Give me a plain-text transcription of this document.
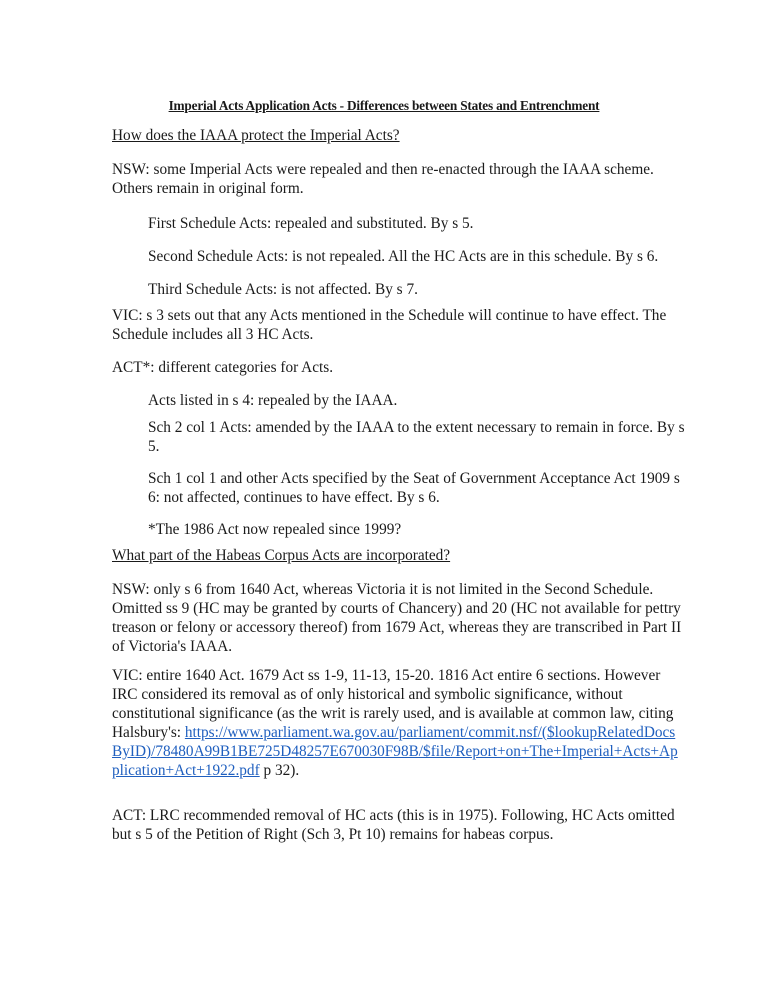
Imperial Acts Application Acts - Differences between States and Entrenchment
How does the IAAA protect the Imperial Acts?
NSW: some Imperial Acts were repealed and then re-enacted through the IAAA scheme. Others remain in original form.
First Schedule Acts: repealed and substituted. By s 5.
Second Schedule Acts: is not repealed. All the HC Acts are in this schedule. By s 6.
Third Schedule Acts: is not affected. By s 7.
VIC: s 3 sets out that any Acts mentioned in the Schedule will continue to have effect. The Schedule includes all 3 HC Acts.
ACT*: different categories for Acts.
Acts listed in s 4: repealed by the IAAA.
Sch 2 col 1 Acts: amended by the IAAA to the extent necessary to remain in force. By s 5.
Sch 1 col 1 and other Acts specified by the Seat of Government Acceptance Act 1909 s 6: not affected, continues to have effect. By s 6.
*The 1986 Act now repealed since 1999?
What part of the Habeas Corpus Acts are incorporated?
NSW: only s 6 from 1640 Act, whereas Victoria it is not limited in the Second Schedule. Omitted ss 9 (HC may be granted by courts of Chancery) and 20 (HC not available for pettry treason or felony or accessory thereof) from 1679 Act, whereas they are transcribed in Part II of Victoria's IAAA.
VIC: entire 1640 Act. 1679 Act ss 1-9, 11-13, 15-20. 1816 Act entire 6 sections. However IRC considered its removal as of only historical and symbolic significance, without constitutional significance (as the writ is rarely used, and is available at common law, citing Halsbury's: https://www.parliament.wa.gov.au/parliament/commit.nsf/($lookupRelatedDocsByID)/78480A99B1BE725D48257E670030F98B/$file/Report+on+The+Imperial+Acts+Application+Act+1922.pdf p 32).
ACT: LRC recommended removal of HC acts (this is in 1975). Following, HC Acts omitted but s 5 of the Petition of Right (Sch 3, Pt 10) remains for habeas corpus.
